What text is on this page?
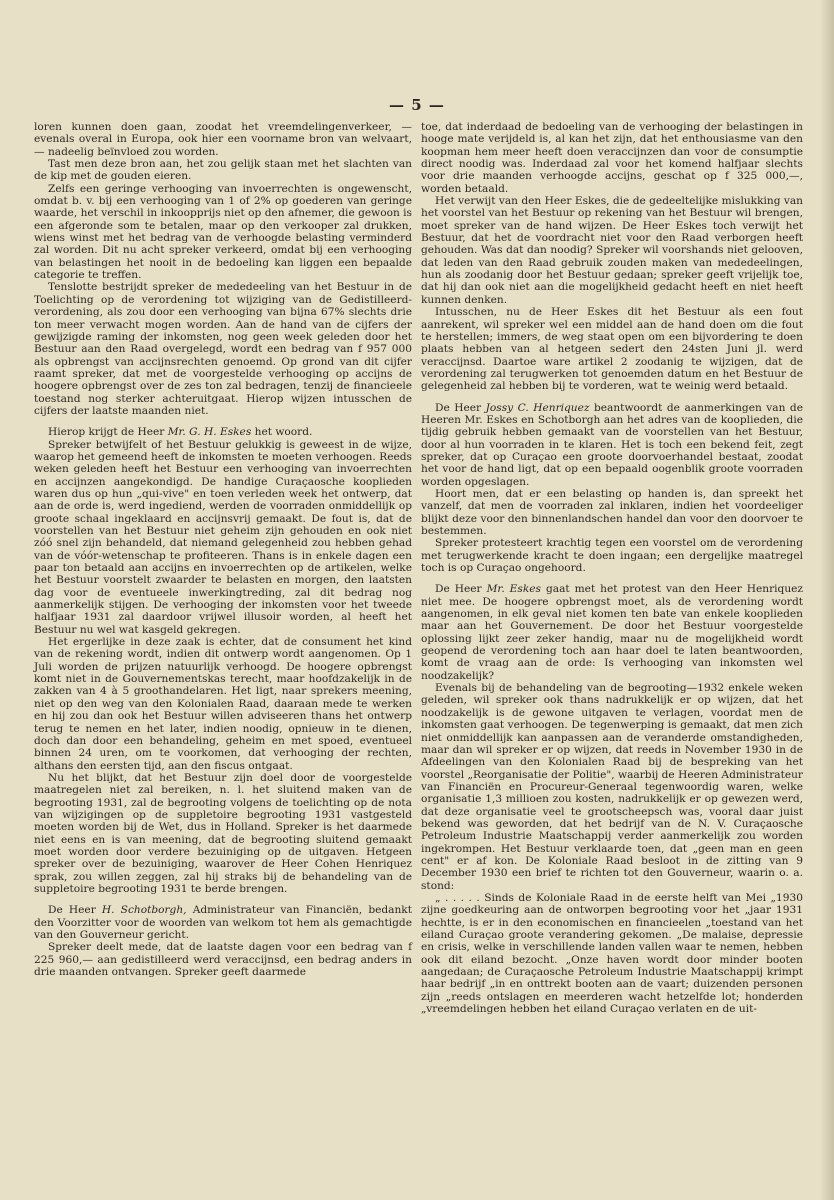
— 5 —

loren kunnen doen gaan, zoodat het vreemdelingenverkeer, — evenals overal in Europa, ook hier een voorname bron van welvaart, — nadeelig beïnvloed zou worden.

Tast men deze bron aan, het zou gelijk staan met het slachten van de kip met de gouden eieren.

Zelfs een geringe verhooging van invoerrechten is ongewenscht, omdat b. v. bij een verhooging van 1 of 2% op goederen van geringe waarde, het verschil in inkoopprijs niet op den afnemer, die gewoon is een afgeronde som te betalen, maar op den verkooper zal drukken, wiens winst met het bedrag van de verhoogde belasting verminderd zal worden. Dit nu acht spreker verkeerd, omdat bij een verhooging van belastingen het nooit in de bedoeling kan liggen een bepaalde categorie te treffen.

Tenslotte bestrijdt spreker de mededeeling van het Bestuur in de Toelichting op de verordening tot wijziging van de Gedistilleerd-verordening, als zou door een verhooging van bijna 67% slechts drie ton meer verwacht mogen worden. Aan de hand van de cijfers der gewijzigde raming der inkomsten, nog geen week geleden door het Bestuur aan den Raad overgelegd, wordt een bedrag van f 957 000 als opbrengst van accijnsrechten genoemd. Op grond van dit cijfer raamt spreker, dat met de voorgestelde verhooging op accijns de hoogere opbrengst over de zes ton zal bedragen, tenzij de financieele toestand nog sterker achteruitgaat. Hierop wijzen intusschen de cijfers der laatste maanden niet.

Hierop krijgt de Heer Mr. G. H. Eskes het woord.

Spreker betwijfelt of het Bestuur gelukkig is geweest in de wijze, waarop het gemeend heeft de inkomsten te moeten verhoogen. Reeds weken geleden heeft het Bestuur een verhooging van invoerrechten en accijnzen aangekondigd. De handige Curaçaosche kooplieden waren dus op hun „qui-vive" en toen verleden week het ontwerp, dat aan de orde is, werd ingediend, werden de voorraden onmiddellijk op groote schaal ingeklaard en accijnsvrij gemaakt. De fout is, dat de voorstellen van het Bestuur niet geheim zijn gehouden en ook niet zóó snel zijn behandeld, dat niemand gelegenheid zou hebben gehad van de vóór-wetenschap te profiteeren. Thans is in enkele dagen een paar ton betaald aan accijns en invoerrechten op de artikelen, welke het Bestuur voorstelt zwaarder te belasten en morgen, den laatsten dag voor de eventueele inwerkingtreding, zal dit bedrag nog aanmerkelijk stijgen. De verhooging der inkomsten voor het tweede halfjaar 1931 zal daardoor vrijwel illusoir worden, al heeft het Bestuur nu wel wat kasgeld gekregen.

Het ergerlijke in deze zaak is echter, dat de consument het kind van de rekening wordt, indien dit ontwerp wordt aangenomen. Op 1 Juli worden de prijzen natuurlijk verhoogd. De hoogere opbrengst komt niet in de Gouvernementskas terecht, maar hoofdzakelijk in de zakken van 4 à 5 groothandelaren. Het ligt, naar sprekers meening, niet op den weg van den Kolonialen Raad, daaraan mede te werken en hij zou dan ook het Bestuur willen adviseeren thans het ontwerp terug te nemen en het later, indien noodig, opnieuw in te dienen, doch dan door een behandeling, geheim en met spoed, eventueel binnen 24 uren, om te voorkomen, dat verhooging der rechten, althans den eersten tijd, aan den fiscus ontgaat.

Nu het blijkt, dat het Bestuur zijn doel door de voorgestelde maatregelen niet zal bereiken, n. l. het sluitend maken van de begrooting 1931, zal de begrooting volgens de toelichting op de nota van wijzigingen op de suppletoire begrooting 1931 vastgesteld moeten worden bij de Wet, dus in Holland. Spreker is het daarmede niet eens en is van meening, dat de begrooting sluitend gemaakt moet worden door verdere bezuiniging op de uitgaven. Hetgeen spreker over de bezuiniging, waarover de Heer Cohen Henriquez sprak, zou willen zeggen, zal hij straks bij de behandeling van de suppletoire begrooting 1931 te berde brengen.

De Heer H. Schotborgh, Administrateur van Financiën, bedankt den Voorzitter voor de woorden van welkom tot hem als gemachtigde van den Gouverneur gericht.

Spreker deelt mede, dat de laatste dagen voor een bedrag van f 225 960,— aan gedistilleerd werd veraccijnsd, een bedrag anders in drie maanden ontvangen. Spreker geeft daarmede

toe, dat inderdaad de bedoeling van de verhooging der belastingen in hooge mate verijdeld is, al kan het zijn, dat het enthousiasme van den koopman hem meer heeft doen veraccijnzen dan voor de consumptie direct noodig was. Inderdaad zal voor het komend halfjaar slechts voor drie maanden verhoogde accijns, geschat op f 325 000,—, worden betaald.

Het verwijt van den Heer Eskes, die de gedeeltelijke mislukking van het voorstel van het Bestuur op rekening van het Bestuur wil brengen, moet spreker van de hand wijzen. De Heer Eskes toch verwijt het Bestuur, dat het de voordracht niet voor den Raad verborgen heeft gehouden. Was dat dan noodig? Spreker wil voorshands niet gelooven, dat leden van den Raad gebruik zouden maken van mededeelingen, hun als zoodanig door het Bestuur gedaan; spreker geeft vrijelijk toe, dat hij dan ook niet aan die mogelijkheid gedacht heeft en niet heeft kunnen denken.

Intusschen, nu de Heer Eskes dit het Bestuur als een fout aanrekent, wil spreker wel een middel aan de hand doen om die fout te herstellen; immers, de weg staat open om een bijvordering te doen plaats hebben van al hetgeen sedert den 24sten Juni jl. werd veraccijnsd. Daartoe ware artikel 2 zoodanig te wijzigen, dat de verordening zal terugwerken tot genoemden datum en het Bestuur de gelegenheid zal hebben bij te vorderen, wat te weinig werd betaald.

De Heer Jossy C. Henriquez beantwoordt de aanmerkingen van de Heeren Mr. Eskes en Schotborgh aan het adres van de kooplieden, die tijdig gebruik hebben gemaakt van de voorstellen van het Bestuur, door al hun voorraden in te klaren. Het is toch een bekend feit, zegt spreker, dat op Curaçao een groote doorvoerhandel bestaat, zoodat het voor de hand ligt, dat op een bepaald oogenblik groote voorraden worden opgeslagen.

Hoort men, dat er een belasting op handen is, dan spreekt het vanzelf, dat men de voorraden zal inklaren, indien het voordeeliger blijkt deze voor den binnenlandschen handel dan voor den doorvoer te bestemmen.

Spreker protesteert krachtig tegen een voorstel om de verordening met terugwerkende kracht te doen ingaan; een dergelijke maatregel toch is op Curaçao ongehoord.

De Heer Mr. Eskes gaat met het protest van den Heer Henriquez niet mee. De hoogere opbrengst moet, als de verordening wordt aangenomen, in elk geval niet komen ten bate van enkele kooplieden maar aan het Gouvernement. De door het Bestuur voorgestelde oplossing lijkt zeer zeker handig, maar nu de mogelijkheid wordt geopend de verordening toch aan haar doel te laten beantwoorden, komt de vraag aan de orde: Is verhooging van inkomsten wel noodzakelijk?

Evenals bij de behandeling van de begrooting—1932 enkele weken geleden, wil spreker ook thans nadrukkelijk er op wijzen, dat het noodzakelijk is de gewone uitgaven te verlagen, voordat men de inkomsten gaat verhoogen. De tegenwerping is gemaakt, dat men zich niet onmiddellijk kan aanpassen aan de veranderde omstandigheden, maar dan wil spreker er op wijzen, dat reeds in November 1930 in de Afdeelingen van den Kolonialen Raad bij de bespreking van het voorstel „Reorganisatie der Politie", waarbij de Heeren Administrateur van Financiën en Procureur-Generaal tegenwoordig waren, welke organisatie 1,3 millioen zou kosten, nadrukkelijk er op gewezen werd, dat deze organisatie veel te grootscheepsch was, vooral daar juist bekend was geworden, dat het bedrijf van de N. V. Curaçaosche Petroleum Industrie Maatschappij verder aanmerkelijk zou worden ingekrompen. Het Bestuur verklaarde toen, dat „geen man en geen cent" er af kon. De Koloniale Raad besloot in de zitting van 9 December 1930 een brief te richten tot den Gouverneur, waarin o. a. stond:

„ . . . . . Sinds de Koloniale Raad in de eerste helft van Mei „1930 zijne goedkeuring aan de ontworpen begrooting voor het „jaar 1931 hechtte, is er in den economischen en financieelen „toestand van het eiland Curaçao groote verandering gekomen. „De malaise, depressie en crisis, welke in verschillende landen vallen waar te nemen, hebben ook dit eiland bezocht. „Onze haven wordt door minder booten aangedaan; de Curaçaosche Petroleum Industrie Maatschappij krimpt haar bedrijf „in en onttrekt booten aan de vaart; duizenden personen zijn „reeds ontslagen en meerderen wacht hetzelfde lot; honderden „vreemdelingen hebben het eiland Curaçao verlaten en de uit-
